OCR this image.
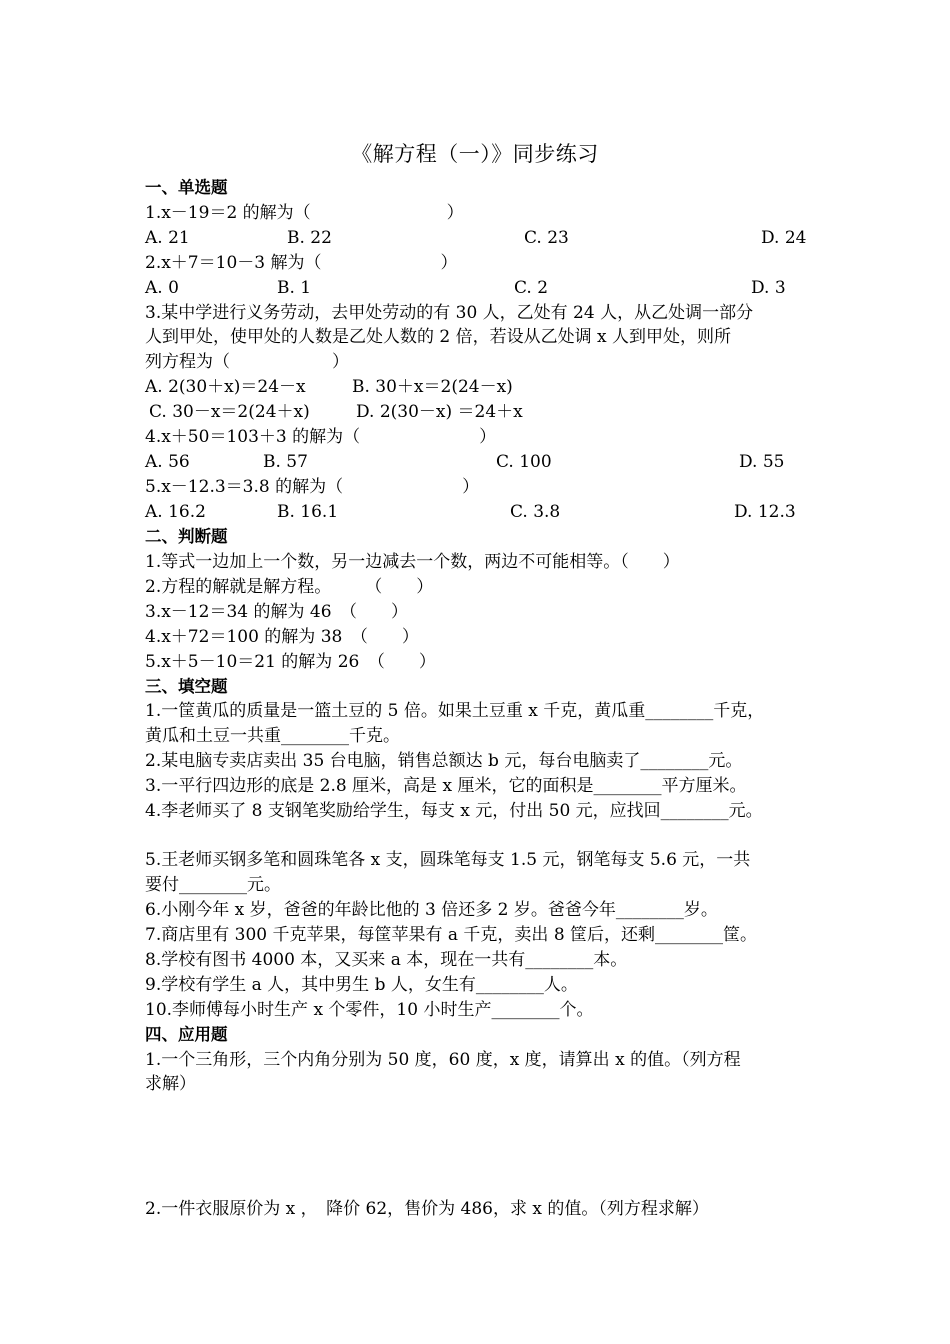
《解方程（一）》同步练习
一、单选题
1.x－19＝2 的解为（　　　　　　　　）
A. 21	B. 22	C. 23	D. 24
2.x＋7＝10－3 解为（　　　　　　　）
A. 0	B. 1	C. 2	D. 3
3.某中学进行义务劳动，去甲处劳动的有 30 人，乙处有 24 人，从乙处调一部分
人到甲处，使甲处的人数是乙处人数的 2 倍，若设从乙处调 x 人到甲处，则所
列方程为（　　　　　　）
A. 2(30＋x)＝24－x	B. 30＋x＝2(24－x)
C. 30－x＝2(24＋x)	D. 2(30－x) ＝24＋x
4.x＋50＝103＋3 的解为（　　　　　　　）
A. 56	B. 57	C. 100	D. 55
5.x－12.3＝3.8 的解为（　　　　　　　）
A. 16.2	B. 16.1	C. 3.8	D. 12.3
二、判断题
1.等式一边加上一个数，另一边减去一个数，两边不可能相等。（　　）
2.方程的解就是解方程。　　　（　　）
3.x－12＝34 的解为 46　（　　）
4.x＋72＝100 的解为 38　（　　）
5.x＋5－10＝21 的解为 26　（　　）
三、填空题
1.一筐黄瓜的质量是一篮土豆的 5 倍。如果土豆重 x 千克，黄瓜重________千克，
黄瓜和土豆一共重________千克。
2.某电脑专卖店卖出 35 台电脑，销售总额达 b 元，每台电脑卖了________元。
3.一平行四边形的底是 2.8 厘米，高是 x 厘米，它的面积是________平方厘米。
4.李老师买了 8 支钢笔奖励给学生，每支 x 元，付出 50 元，应找回________元。
5.王老师买钢多笔和圆珠笔各 x 支，圆珠笔每支 1.5 元，钢笔每支 5.6 元，一共
要付________元。
6.小刚今年 x 岁，爸爸的年龄比他的 3 倍还多 2 岁。爸爸今年________岁。
7.商店里有 300 千克苹果，每筐苹果有 a 千克，卖出 8 筐后，还剩________筐。
8.学校有图书 4000 本，又买来 a 本，现在一共有________本。
9.学校有学生 a 人，其中男生 b 人，女生有________人。
10.李师傅每小时生产 x 个零件，10 小时生产________个。
四、应用题
1.一个三角形，三个内角分别为 50 度，60 度，x 度，请算出 x 的值。（列方程
求解）
2.一件衣服原价为 x ，　降价 62，售价为 486，求 x 的值。（列方程求解）
